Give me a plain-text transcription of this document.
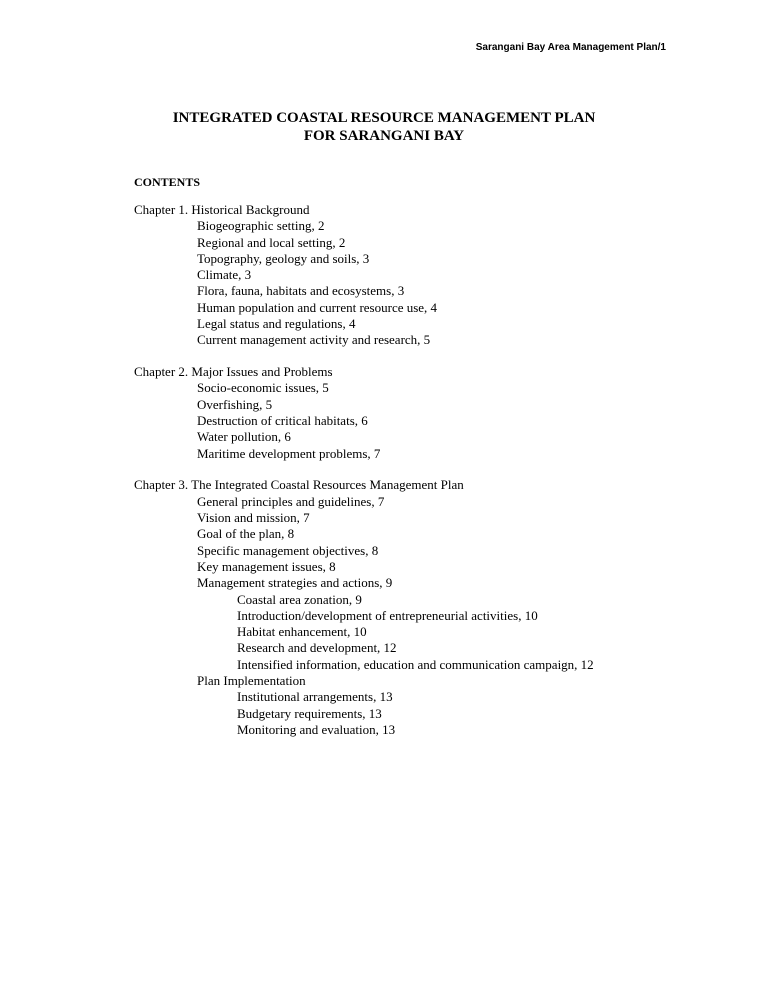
Sarangani Bay Area Management Plan/1
INTEGRATED COASTAL RESOURCE MANAGEMENT PLAN
FOR SARANGANI BAY
CONTENTS
Chapter 1. Historical Background
Biogeographic setting, 2
Regional and local setting, 2
Topography, geology and soils, 3
Climate, 3
Flora, fauna, habitats and ecosystems, 3
Human population and current resource use, 4
Legal status and regulations, 4
Current management activity and research, 5
Chapter 2. Major Issues and Problems
Socio-economic issues, 5
Overfishing, 5
Destruction of critical habitats, 6
Water pollution, 6
Maritime development problems, 7
Chapter 3. The Integrated Coastal Resources Management Plan
General principles and guidelines, 7
Vision and mission, 7
Goal of the plan, 8
Specific management objectives, 8
Key management issues, 8
Management strategies and actions, 9
Coastal area zonation, 9
Introduction/development of entrepreneurial activities, 10
Habitat enhancement, 10
Research and development, 12
Intensified information, education and communication campaign, 12
Plan Implementation
Institutional arrangements, 13
Budgetary requirements, 13
Monitoring and evaluation, 13
